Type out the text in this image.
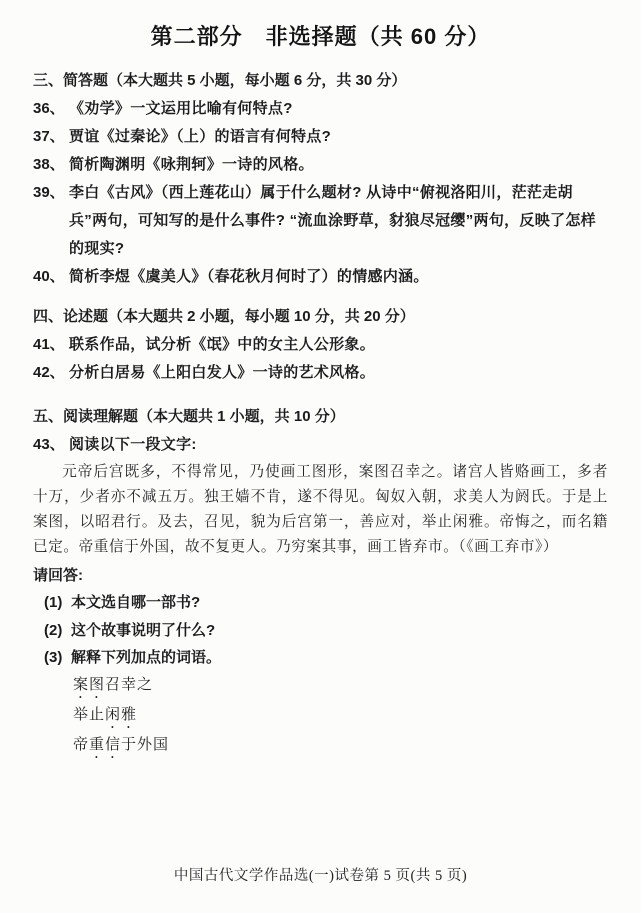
第二部分　非选择题（共 60 分）

三、简答题（本大题共 5 小题，每小题 6 分，共 30 分）

36、 《劝学》一文运用比喻有何特点?
37、 贾谊《过秦论》（上）的语言有何特点?
38、 简析陶渊明《咏荆轲》一诗的风格。
39、 李白《古风》（西上莲花山）属于什么题材? 从诗中“俯视洛阳川，茫茫走胡兵”两句，可知写的是什么事件? “流血涂野草，豺狼尽冠缨”两句，反映了怎样的现实?
40、 简析李煜《虞美人》（春花秋月何时了）的情感内涵。

四、论述题（本大题共 2 小题，每小题 10 分，共 20 分）

41、 联系作品，试分析《氓》中的女主人公形象。
42、 分析白居易《上阳白发人》一诗的艺术风格。

五、阅读理解题（本大题共 1 小题，共 10 分）

43、 阅读以下一段文字:

元帝后宫既多，不得常见，乃使画工图形，案图召幸之。诸宫人皆赂画工，多者十万，少者亦不减五万。独王嫱不肯，遂不得见。匈奴入朝，求美人为阏氏。于是上案图，以昭君行。及去，召见，貌为后宫第一，善应对，举止闲雅。帝悔之，而名籍已定。帝重信于外国，故不复更人。乃穷案其事，画工皆弃市。（《画工弃市》）

请回答:

(1) 本文选自哪一部书?
(2) 这个故事说明了什么?
(3) 解释下列加点的词语。

案图召幸之

举止闲雅

帝重信于外国

中国古代文学作品选(一)试卷第 5 页(共 5 页)
